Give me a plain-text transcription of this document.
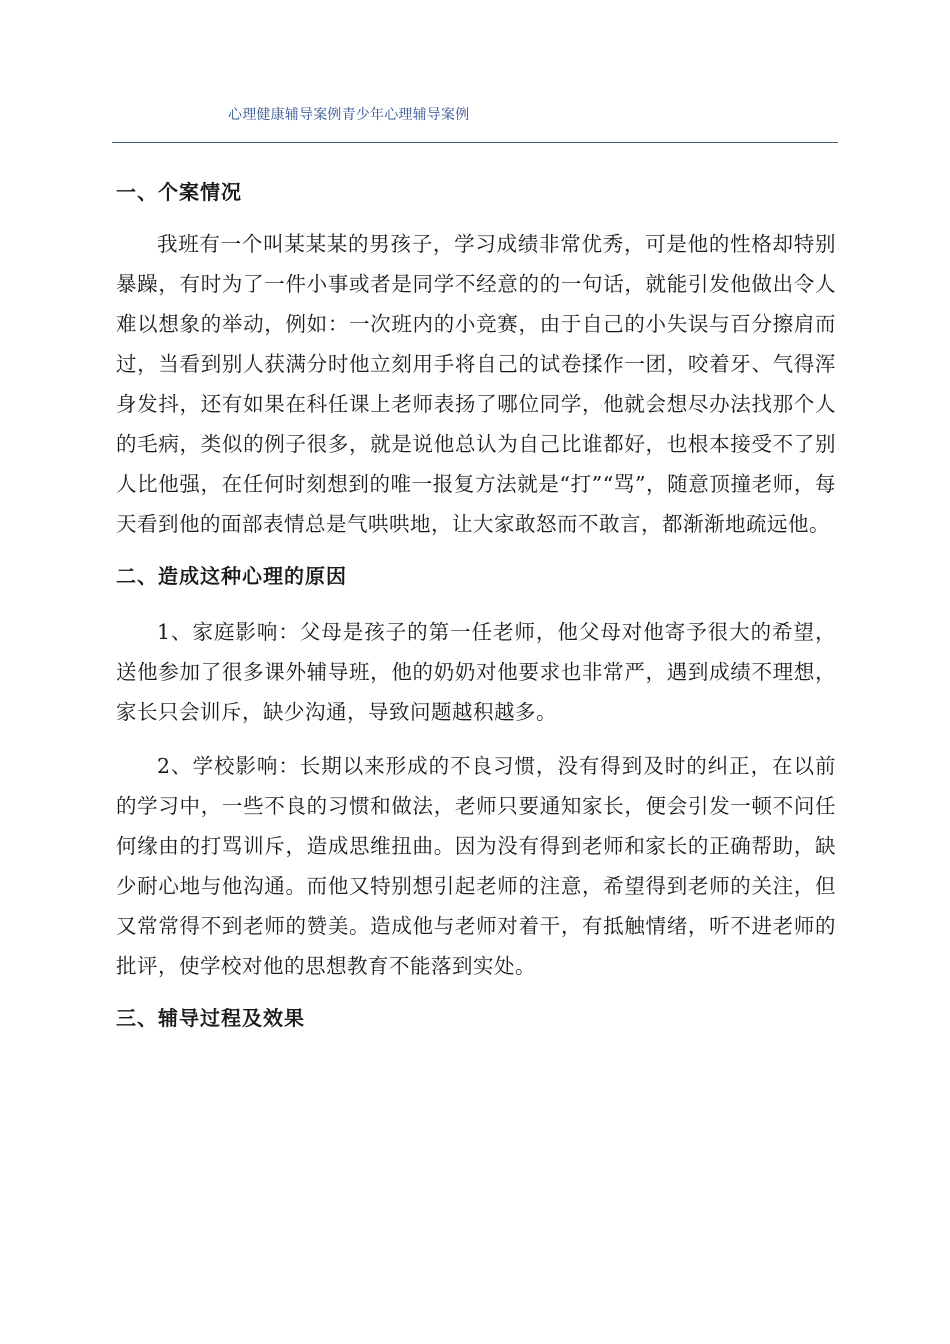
心理健康辅导案例青少年心理辅导案例
一、个案情况

我班有一个叫某某某的男孩子，学习成绩非常优秀，可是他的性格却特别暴躁，有时为了一件小事或者是同学不经意的的一句话，就能引发他做出令人难以想象的举动，例如：一次班内的小竞赛，由于自己的小失误与百分擦肩而过，当看到别人获满分时他立刻用手将自己的试卷揉作一团，咬着牙、气得浑身发抖，还有如果在科任课上老师表扬了哪位同学，他就会想尽办法找那个人的毛病，类似的例子很多，就是说他总认为自己比谁都好，也根本接受不了别人比他强，在任何时刻想到的唯一报复方法就是“打”“骂”，随意顶撞老师，每天看到他的面部表情总是气哄哄地，让大家敢怒而不敢言，都渐渐地疏远他。

二、造成这种心理的原因

1、家庭影响：父母是孩子的第一任老师，他父母对他寄予很大的希望，送他参加了很多课外辅导班，他的奶奶对他要求也非常严，遇到成绩不理想，家长只会训斥，缺少沟通，导致问题越积越多。

2、学校影响：长期以来形成的不良习惯，没有得到及时的纠正，在以前的学习中，一些不良的习惯和做法，老师只要通知家长，便会引发一顿不问任何缘由的打骂训斥，造成思维扭曲。因为没有得到老师和家长的正确帮助，缺少耐心地与他沟通。而他又特别想引起老师的注意，希望得到老师的关注，但又常常得不到老师的赞美。造成他与老师对着干，有抵触情绪，听不进老师的批评，使学校对他的思想教育不能落到实处。

三、辅导过程及效果
